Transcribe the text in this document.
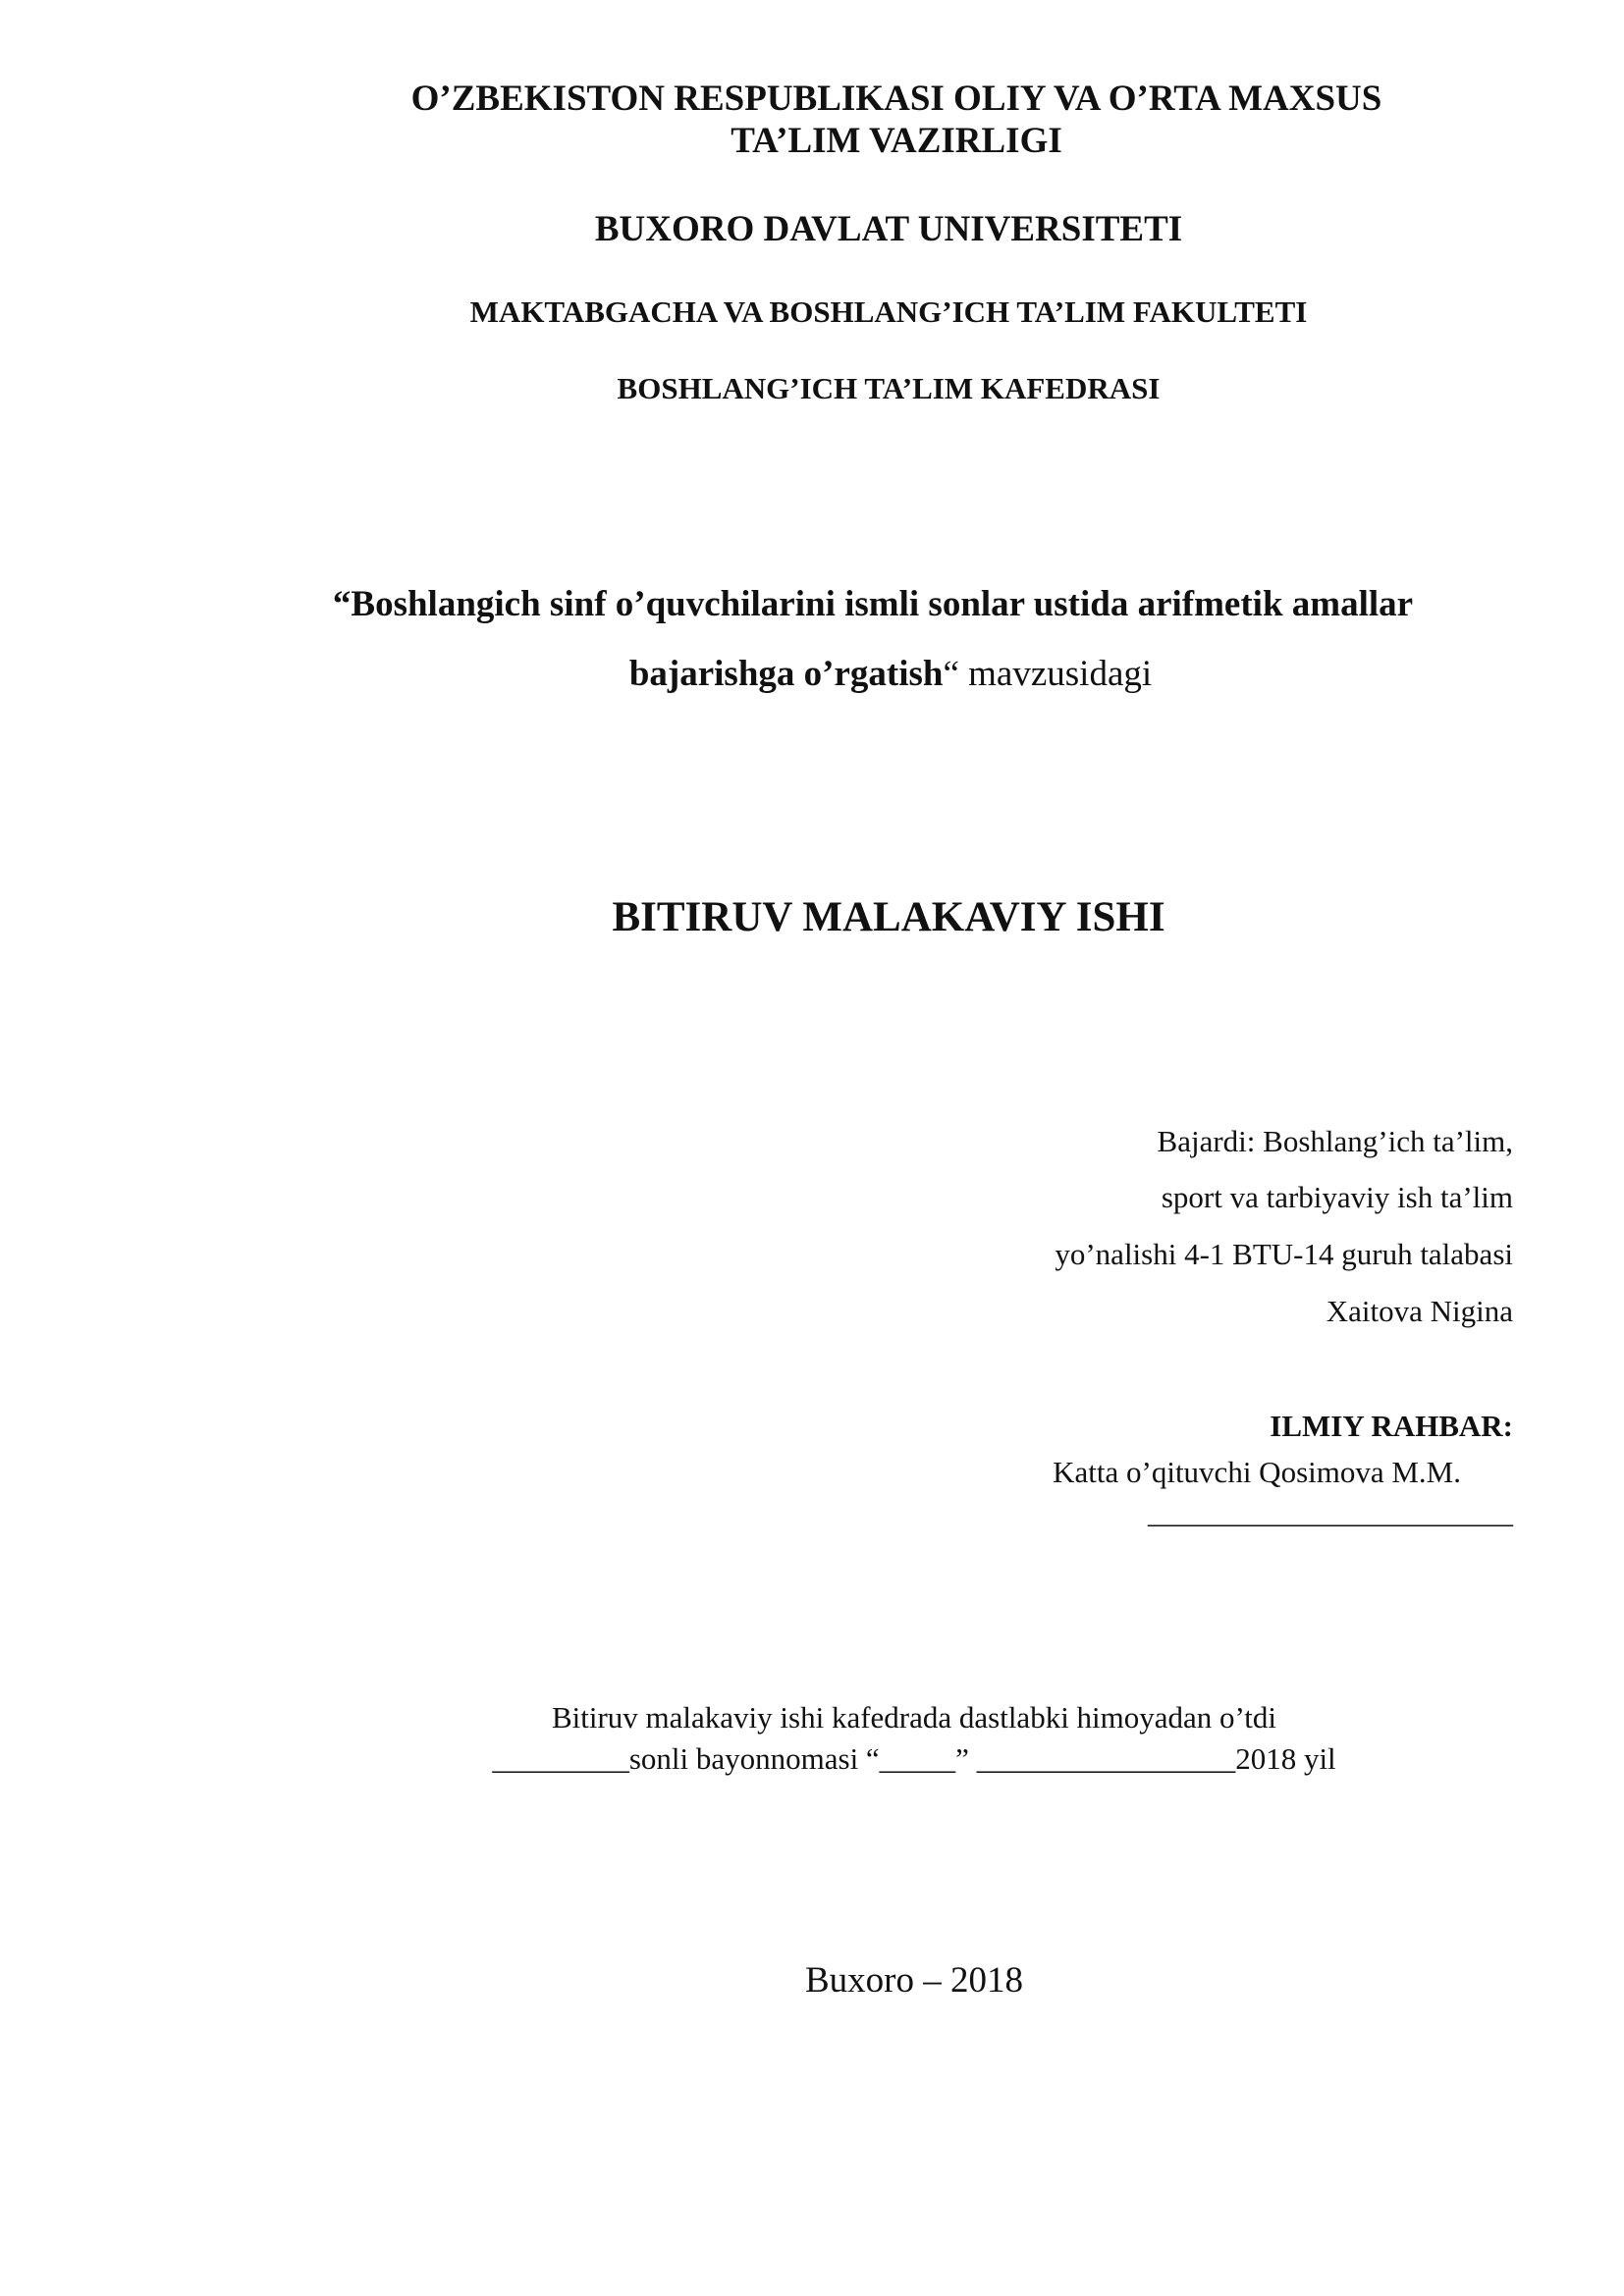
O’ZBEKISTON RESPUBLIKASI OLIY VA O’RTA MAXSUS
TA’LIM VAZIRLIGI
BUXORO DAVLAT UNIVERSITETI
MAKTABGACHA VA BOSHLANG’ICH TA’LIM FAKULTETI
BOSHLANG’ICH TA’LIM KAFEDRASI
“Boshlangich sinf o’quvchilarini ismli sonlar ustida arifmetik amallar
bajarishga o’rgatish“ mavzusidagi
BITIRUV MALAKAVIY ISHI
Bajardi: Boshlang’ich ta’lim,
sport va tarbiyaviy ish ta’lim
yo’nalishi 4-1 BTU-14 guruh talabasi
Xaitova Nigina
ILMIY RAHBAR:
Katta o’qituvchi Qosimova M.M.
________________________
Bitiruv malakaviy ishi kafedrada dastlabki himoyadan o’tdi
_________sonli bayonnomasi “_____” _________________2018 yil
Buxoro – 2018
